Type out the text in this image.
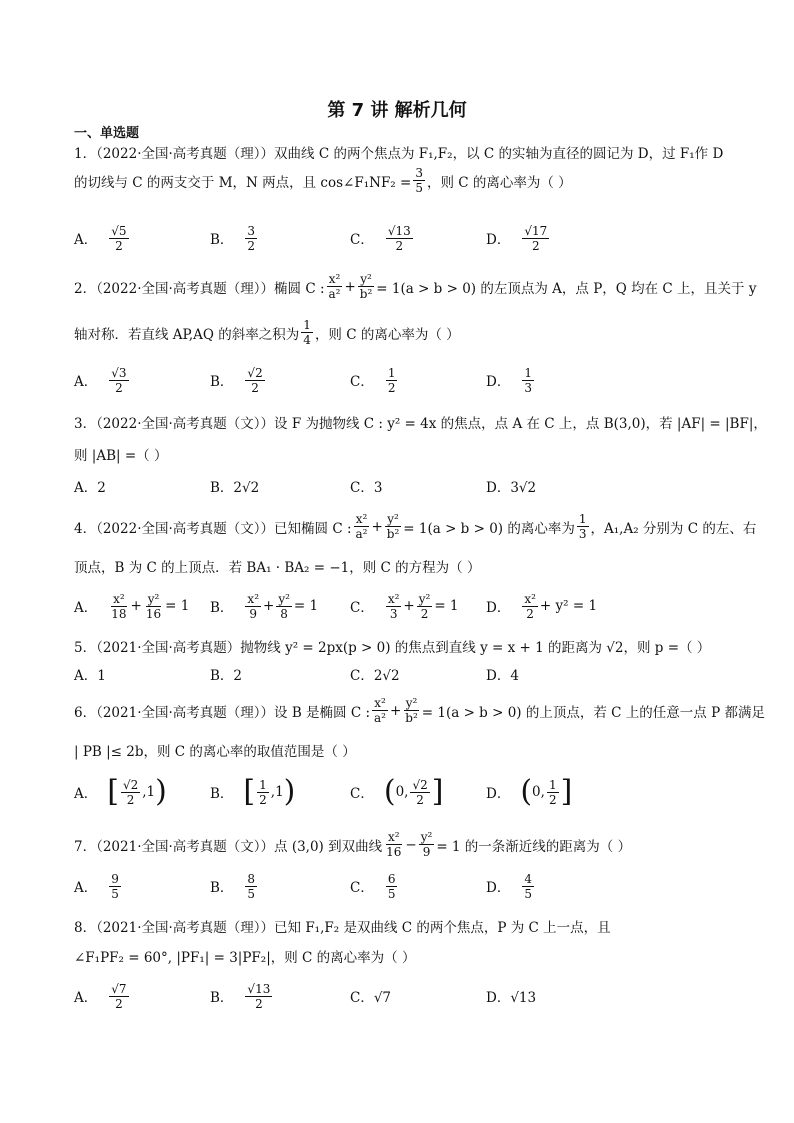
第 7 讲 解析几何
一、单选题
1．（2022·全国·高考真题（理））双曲线 C 的两个焦点为 F₁,F₂，以 C 的实轴为直径的圆记为 D，过 F₁作 D
的切线与 C 的两支交于 M，N 两点，且 cos∠F₁NF₂ = $\frac{3}{5}$ ，则 C 的离心率为（ ）
A． $\frac{√5}{2}$	B． $\frac{3}{2}$	C． $\frac{√13}{2}$	D． $\frac{√17}{2}$
2．（2022·全国·高考真题（理））椭圆 C : $\frac{\text{x²}}{\text{a²}} + \frac{\text{y²}}{\text{b²}} = 1(a > b > 0)$ 的左顶点为 A，点 P，Q 均在 C 上，且关于 y
轴对称．若直线 AP,AQ 的斜率之积为 $\frac{1}{4}$ ，则 C 的离心率为（ ）
A． $\frac{√3}{2}$	B． $\frac{√2}{2}$	C． $\frac{1}{2}$	D． $\frac{1}{3}$
3．（2022·全国·高考真题（文））设 F 为抛物线 C : y² = 4x 的焦点，点 A 在 C 上，点 B(3,0)，若 |AF| = |BF|，
则 |AB| =（ ）
A．2	B．2√2	C．3	D．3√2
4．（2022·全国·高考真题（文））已知椭圆 C : $\frac{\text{x²}}{\text{a²}} + \frac{\text{y²}}{\text{b²}} = 1(a > b > 0)$ 的离心率为 $\frac{1}{3}$ ，A₁,A₂ 分别为 C 的左、右
顶点，B 为 C 的上顶点．若 BA₁ · BA₂ = −1，则 C 的方程为（ ）
A． $\frac{\text{x²}}{18} + \frac{\text{y²}}{16} = 1$ B． $\frac{\text{x²}}{9} + \frac{\text{y²}}{8} = 1$ C． $\frac{\text{x²}}{3} + \frac{\text{y²}}{2} = 1$ D． $\frac{\text{x²}}{2} + y^2 = 1$
5．（2021·全国·高考真题）抛物线 y² = 2px(p > 0) 的焦点到直线 y = x + 1 的距离为 √2，则 p =（ ）
A．1	B．2	C．2√2	D．4
6．（2021·全国·高考真题（理））设 B 是椭圆 C : $\frac{\text{x²}}{\text{a²}} + \frac{\text{y²}}{\text{b²}} = 1(a > b > 0)$ 的上顶点，若 C 上的任意一点 P 都满足
| PB |≤ 2b，则 C 的离心率的取值范围是（ ）
A． [ $\frac{√2}{2} ,1$ )	B． [ $\frac{1}{2} ,1$ )	C． ( 0, $\frac{√2}{2}$ ]	D． ( 0, $\frac{1}{2}$ ]
7．（2021·全国·高考真题（文））点 (3,0) 到双曲线 $\frac{\text{x²}}{16} - \frac{\text{y²}}{9} = 1$ 的一条渐近线的距离为（ ）
A． $\frac{9}{5}$	B． $\frac{8}{5}$	C． $\frac{6}{5}$	D． $\frac{4}{5}$
8．（2021·全国·高考真题（理））已知 F₁,F₂ 是双曲线 C 的两个焦点，P 为 C 上一点，且
∠F₁PF₂ = 60°, |PF₁| = 3|PF₂|，则 C 的离心率为（ ）
A． $\frac{√7}{2}$	B． $\frac{√13}{2}$	C．√7	D．√13
